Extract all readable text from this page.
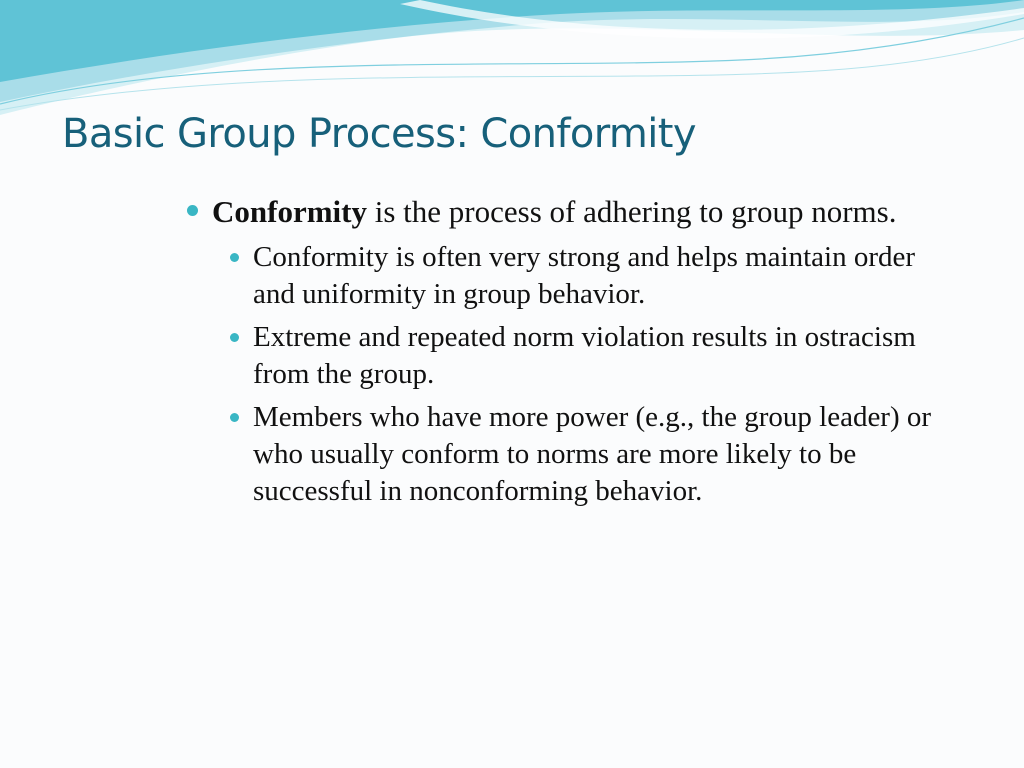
Basic Group Process: Conformity
Conformity is the process of adhering to group norms.
Conformity is often very strong and helps maintain order and uniformity in group behavior.
Extreme and repeated norm violation results in ostracism from the group.
Members who have more power (e.g., the group leader) or who usually conform to norms are more likely to be successful in nonconforming behavior.
